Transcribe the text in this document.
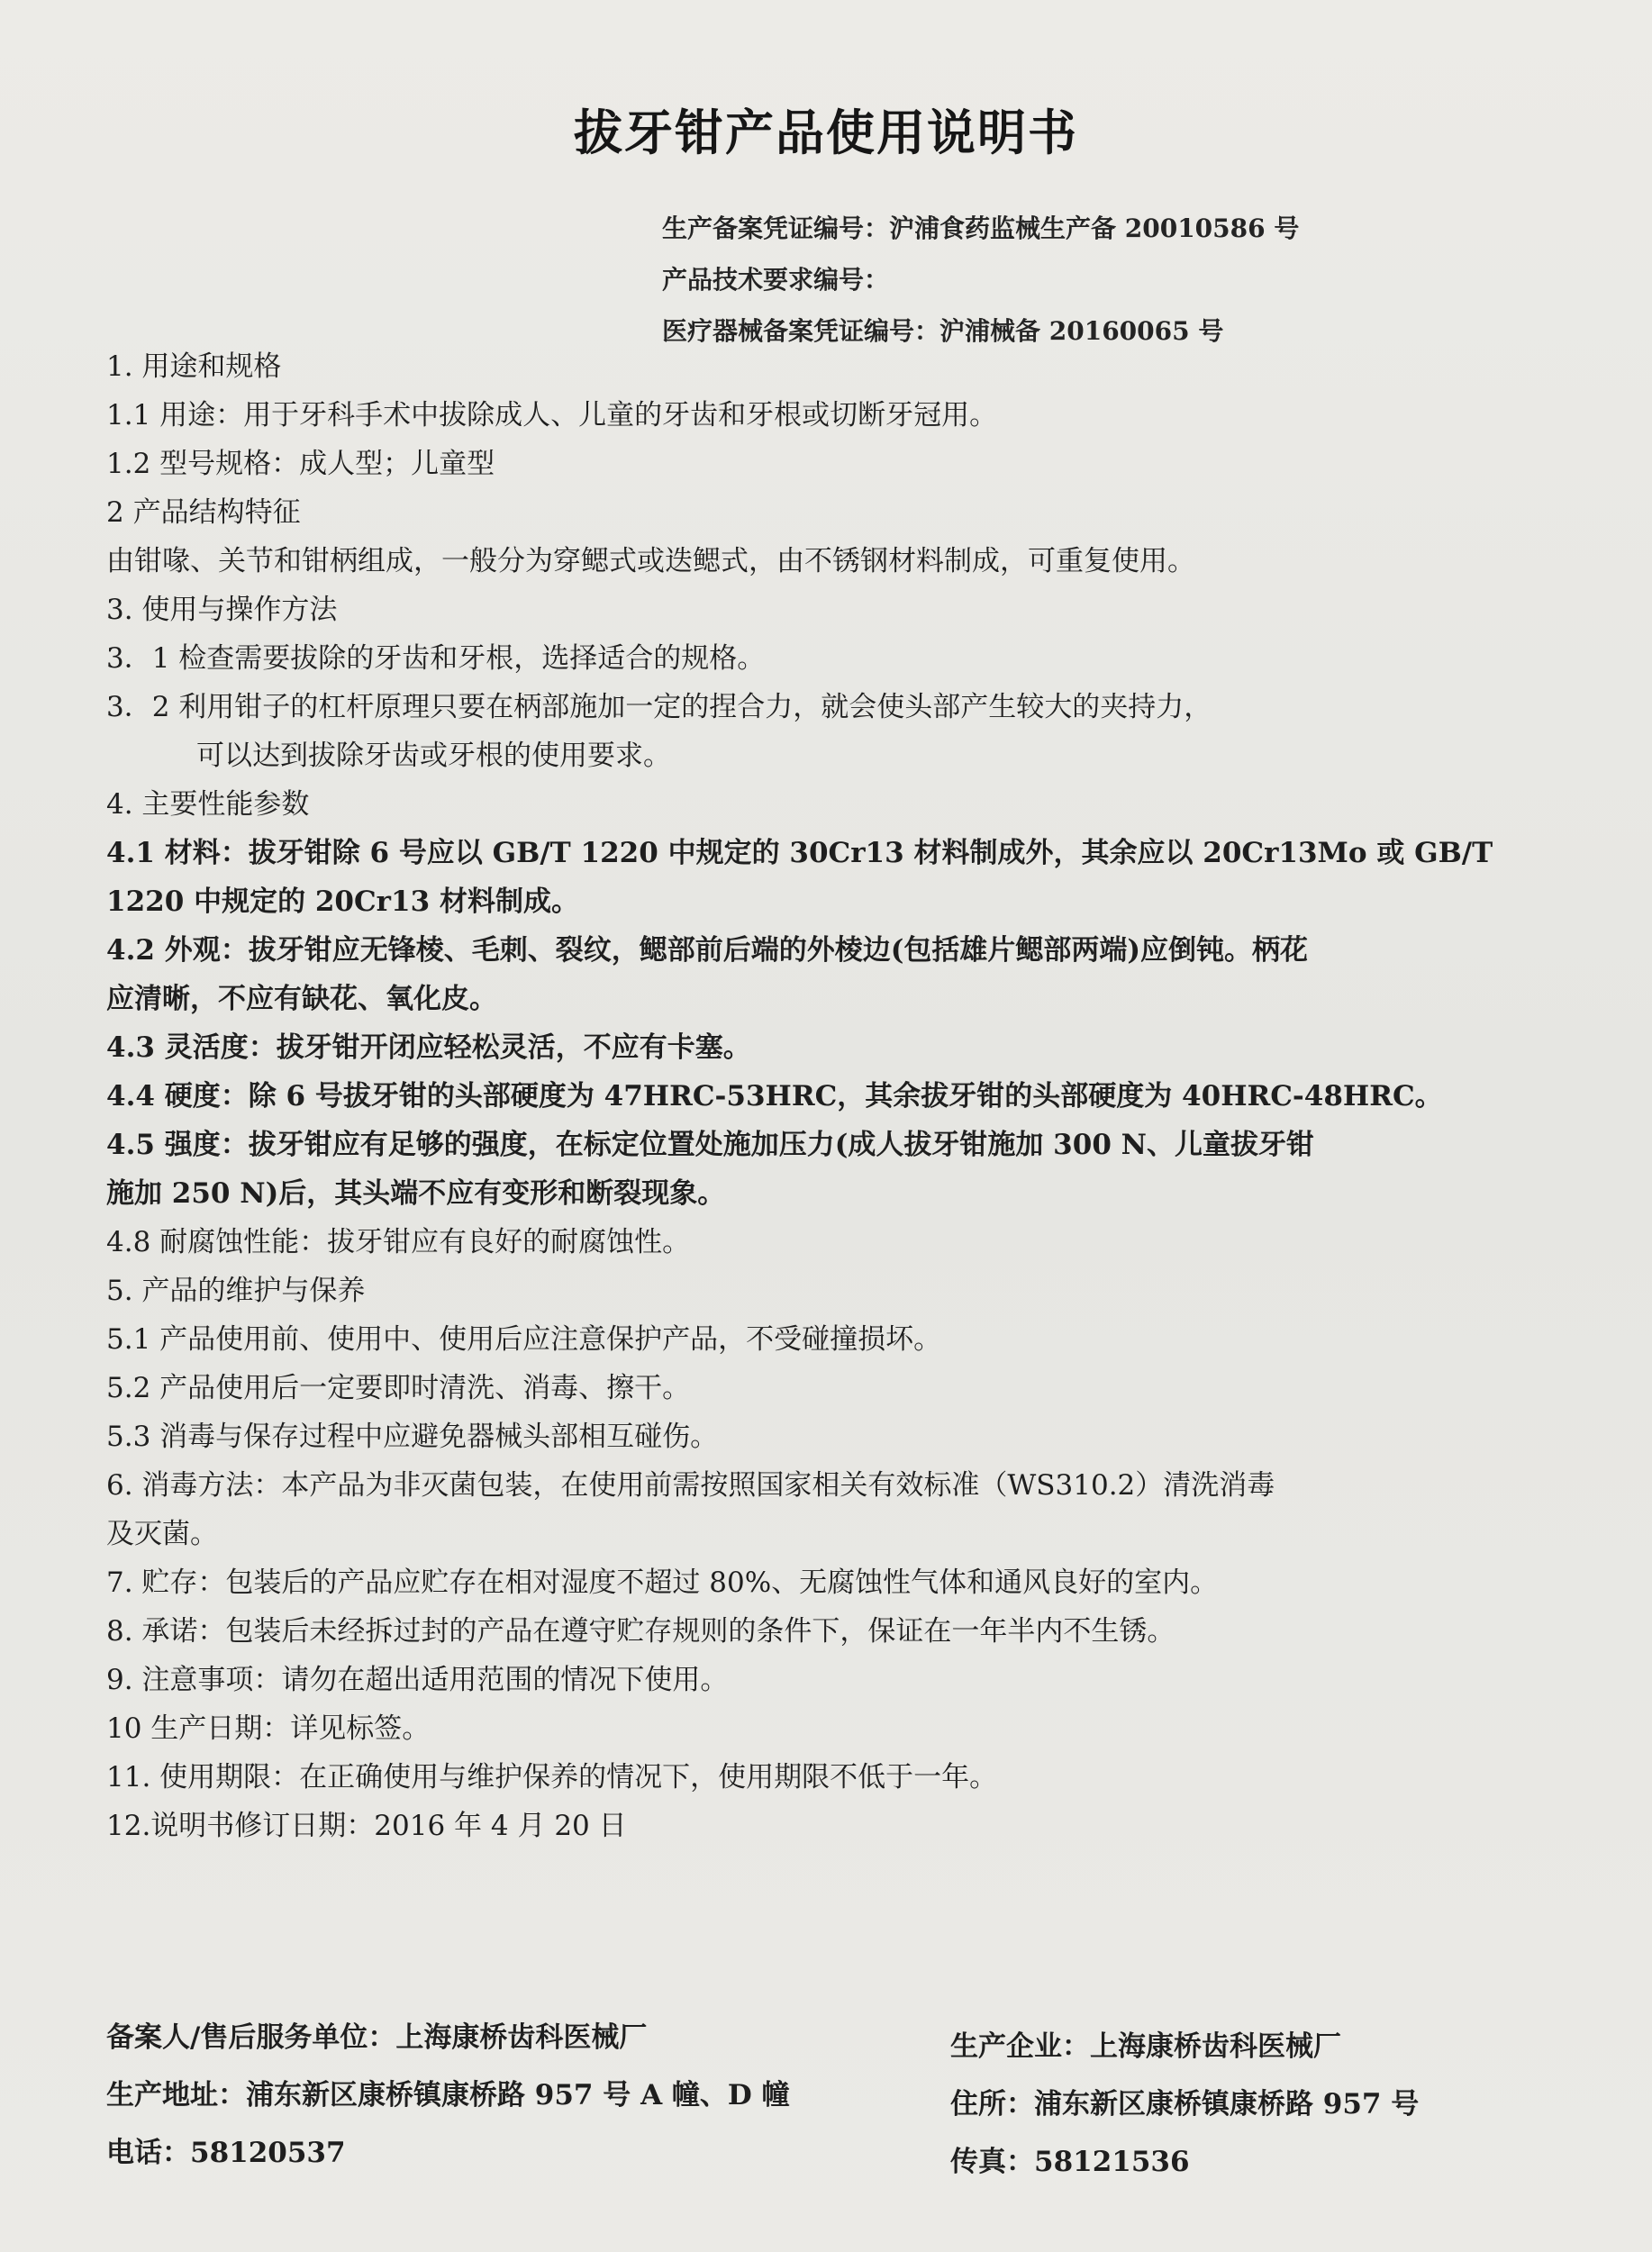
拔牙钳产品使用说明书
生产备案凭证编号：沪浦食药监械生产备 20010586 号
产品技术要求编号：
医疗器械备案凭证编号：沪浦械备 20160065 号
1. 用途和规格
1.1 用途：用于牙科手术中拔除成人、儿童的牙齿和牙根或切断牙冠用。
1.2 型号规格：成人型；儿童型
2 产品结构特征
由钳喙、关节和钳柄组成，一般分为穿鳃式或迭鳃式，由不锈钢材料制成，可重复使用。
3. 使用与操作方法
3．1 检查需要拔除的牙齿和牙根，选择适合的规格。
3．2 利用钳子的杠杆原理只要在柄部施加一定的捏合力，就会使头部产生较大的夹持力，
可以达到拔除牙齿或牙根的使用要求。
4. 主要性能参数
4.1 材料：拔牙钳除 6 号应以 GB/T 1220 中规定的 30Cr13 材料制成外，其余应以 20Cr13Mo 或 GB/T
1220 中规定的 20Cr13 材料制成。
4.2 外观：拔牙钳应无锋棱、毛刺、裂纹，鳃部前后端的外棱边(包括雄片鳃部两端)应倒钝。柄花
应清晰，不应有缺花、氧化皮。
4.3 灵活度：拔牙钳开闭应轻松灵活，不应有卡塞。
4.4 硬度：除 6 号拔牙钳的头部硬度为 47HRC-53HRC，其余拔牙钳的头部硬度为 40HRC-48HRC。
4.5 强度：拔牙钳应有足够的强度，在标定位置处施加压力(成人拔牙钳施加 300 N、儿童拔牙钳
施加 250 N)后，其头端不应有变形和断裂现象。
4.8 耐腐蚀性能：拔牙钳应有良好的耐腐蚀性。
5. 产品的维护与保养
5.1 产品使用前、使用中、使用后应注意保护产品，不受碰撞损坏。
5.2 产品使用后一定要即时清洗、消毒、擦干。
5.3 消毒与保存过程中应避免器械头部相互碰伤。
6. 消毒方法：本产品为非灭菌包装，在使用前需按照国家相关有效标准（WS310.2）清洗消毒
及灭菌。
7. 贮存：包装后的产品应贮存在相对湿度不超过 80%、无腐蚀性气体和通风良好的室内。
8. 承诺：包装后未经拆过封的产品在遵守贮存规则的条件下，保证在一年半内不生锈。
9. 注意事项：请勿在超出适用范围的情况下使用。
10 生产日期：详见标签。
11. 使用期限：在正确使用与维护保养的情况下，使用期限不低于一年。
12.说明书修订日期：2016 年 4 月 20 日
备案人/售后服务单位：上海康桥齿科医械厂
生产地址：浦东新区康桥镇康桥路 957 号 A 幢、D 幢
电话：58120537
生产企业：上海康桥齿科医械厂
住所：浦东新区康桥镇康桥路 957 号
传真：58121536
